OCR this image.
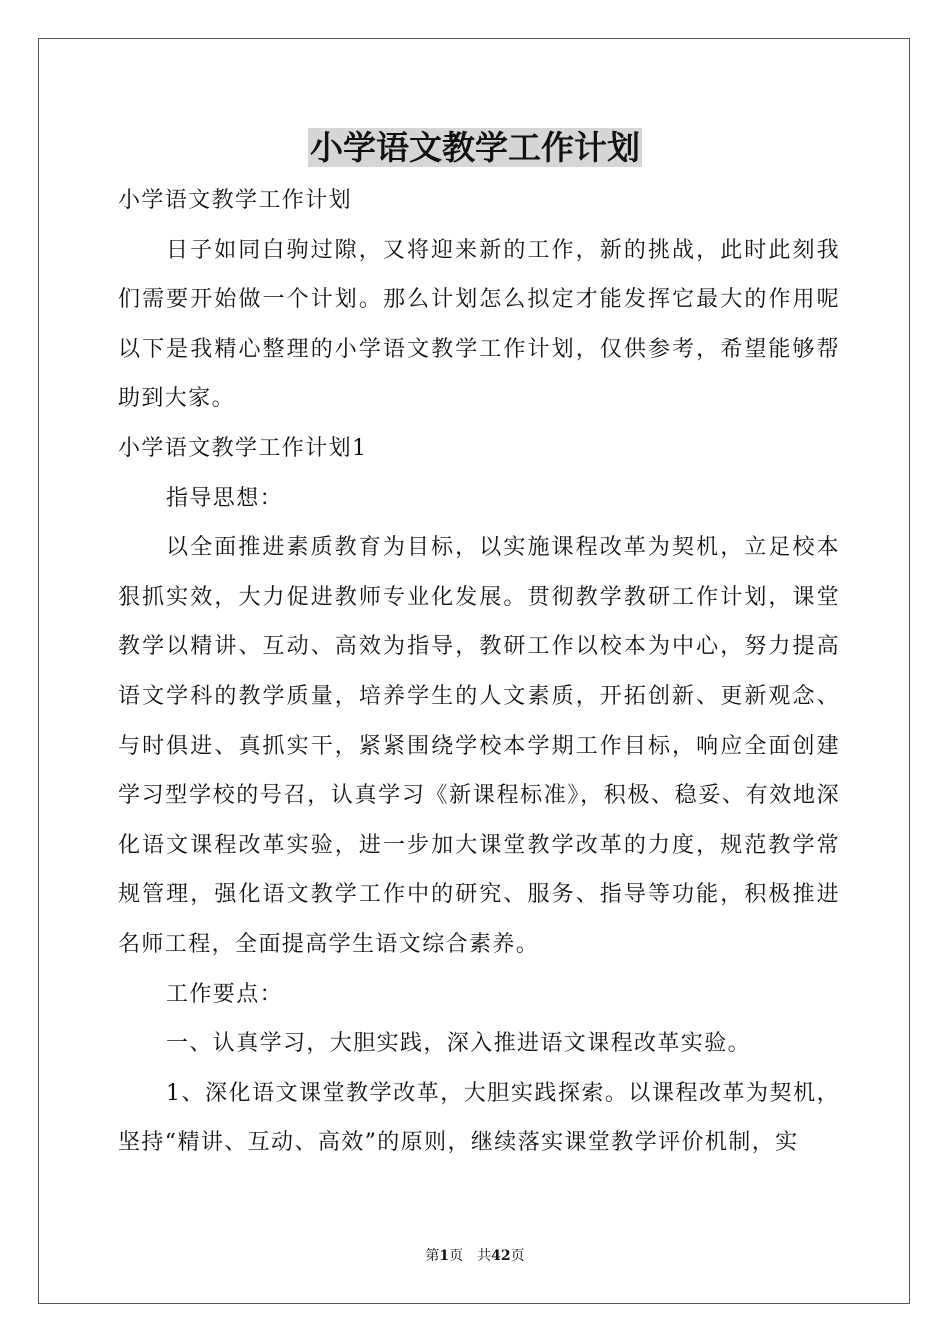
小学语文教学工作计划

小学语文教学工作计划

日子如同白驹过隙，又将迎来新的工作，新的挑战，此时此刻我们需要开始做一个计划。那么计划怎么拟定才能发挥它最大的作用呢以下是我精心整理的小学语文教学工作计划，仅供参考，希望能够帮助到大家。

小学语文教学工作计划1

指导思想：

以全面推进素质教育为目标，以实施课程改革为契机，立足校本狠抓实效，大力促进教师专业化发展。贯彻教学教研工作计划，课堂教学以精讲、互动、高效为指导，教研工作以校本为中心，努力提高语文学科的教学质量，培养学生的人文素质，开拓创新、更新观念、与时俱进、真抓实干，紧紧围绕学校本学期工作目标，响应全面创建学习型学校的号召，认真学习《新课程标准》，积极、稳妥、有效地深化语文课程改革实验，进一步加大课堂教学改革的力度，规范教学常规管理，强化语文教学工作中的研究、服务、指导等功能，积极推进名师工程，全面提高学生语文综合素养。

工作要点：

一、认真学习，大胆实践，深入推进语文课程改革实验。

1、深化语文课堂教学改革，大胆实践探索。以课程改革为契机，坚持“精讲、互动、高效”的原则，继续落实课堂教学评价机制，实

第1页 共42页
